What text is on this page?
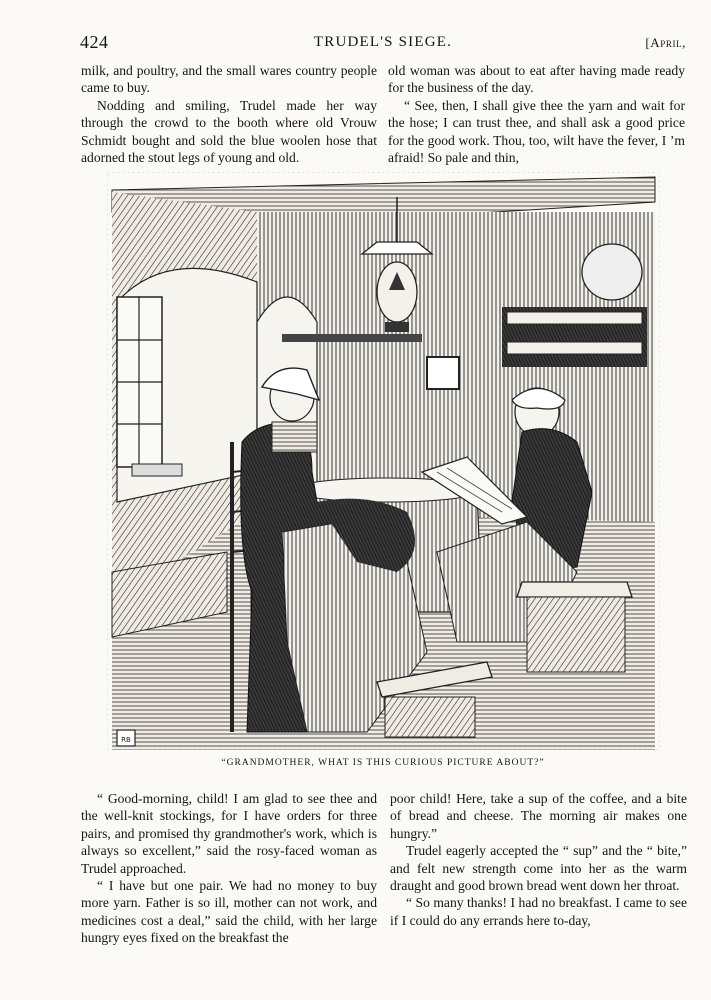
424	TRUDEL'S SIEGE.	[April,

milk, and poultry, and the small wares country people came to buy.

Nodding and smiling, Trudel made her way through the crowd to the booth where old Vrouw Schmidt bought and sold the blue woolen hose that adorned the stout legs of young and old.

old woman was about to eat after having made ready for the business of the day.

“ See, then, I shall give thee the yarn and wait for the hose; I can trust thee, and shall ask a good price for the good work. Thou, too, wilt have the fever, I ’m afraid! So pale and thin,

RB
“GRANDMOTHER, WHAT IS THIS CURIOUS PICTURE ABOUT?”

“ Good-morning, child! I am glad to see thee and the well-knit stockings, for I have orders for three pairs, and promised thy grandmother's work, which is always so excellent,” said the rosy-faced woman as Trudel approached.

“ I have but one pair. We had no money to buy more yarn. Father is so ill, mother can not work, and medicines cost a deal,” said the child, with her large hungry eyes fixed on the breakfast the

poor child! Here, take a sup of the coffee, and a bite of bread and cheese. The morning air makes one hungry.”

Trudel eagerly accepted the “ sup” and the “ bite,” and felt new strength come into her as the warm draught and good brown bread went down her throat.

“ So many thanks! I had no breakfast. I came to see if I could do any errands here to-day,
